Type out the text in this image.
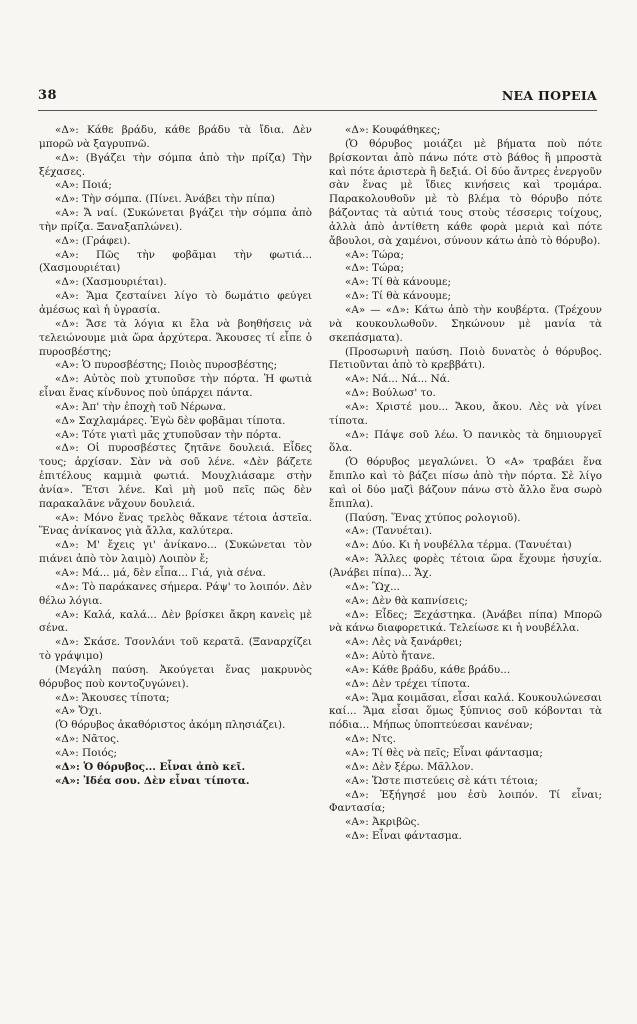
38	ΝΕΑ ΠΟΡΕΙΑ

«Δ»: Κάθε βράδυ, κάθε βράδυ τὰ ἴδια. Δὲν μπορῶ νὰ ξαγρυπνῶ.

«Δ»: (Βγάζει τὴν σόμπα ἀπὸ τὴν πρίζα) Τὴν ξέχασες.

«Α»: Ποιά;

«Δ»: Τὴν σόμπα. (Πίνει. Ἀνάβει τὴν πίπα)

«Α»: Ἄ ναί. (Συκώνεται βγάζει τὴν σόμπα ἀπὸ τὴν πρίζα. Ξαναξαπλώνει).

«Δ»: (Γράφει).

«Α»: Πῶς τὴν φοβᾶμαι τὴν φωτιά... (Χασμουριέται)

«Δ»: (Χασμουριέται).

«Α»: Ἅμα ζεσταίνει λίγο τὸ δωμάτιο φεύγει ἀμέσως καὶ ἡ ὑγρασία.

«Δ»: Ἄσε τὰ λόγια κι ἔλα νὰ βοηθήσεις νὰ τελειώνουμε μιὰ ὥρα ἀρχύτερα. Ἄκουσες τί εἶπε ὁ πυροσβέστης;

«Α»: Ὁ πυροσβέστης; Ποιὸς πυροσβέστης;

«Δ»: Αὐτὸς ποὺ χτυποῦσε τὴν πόρτα. Ἡ φωτιὰ εἶναι ἕνας κίνδυνος ποὺ ὑπάρχει πάντα.

«Α»: Ἀπ' τὴν ἐποχὴ τοῦ Νέρωνα.

«Δ» Σαχλαμάρες. Ἐγὼ δὲν φοβᾶμαι τίποτα.

«Α»: Τότε γιατὶ μᾶς χτυποῦσαν τὴν πόρτα.

«Δ»: Οἱ πυροσβέστες ζητᾶνε δουλειά. Εἶδες τους; ἀρχίσαν. Σὰν νὰ σοῦ λένε. «Δὲν βάζετε ἐπιτέλους καμμιὰ φωτιά. Μουχλιάσαμε στὴν ἀνία». Ἔτσι λένε. Καὶ μὴ μοῦ πεῖς πῶς δὲν παρακαλᾶνε νἄχουν δουλειά.

«Α»: Μόνο ἕνας τρελὸς θἄκανε τέτοια ἀστεῖα. Ἕνας ἀνίκανος γιὰ ἄλλα, καλύτερα.

«Δ»: Μ' ἔχεις γι' ἀνίκανο... (Συκώνεται τὸν πιάνει ἀπὸ τὸν λαιμὸ) Λοιπὸν ἔ;

«Α»: Μά... μά, δὲν εἶπα... Γιά, γιὰ σένα.

«Δ»: Τὸ παράκανες σήμερα. Ράψ' το λοιπόν. Δὲν θέλω λόγια.

«Α»: Καλά, καλά... Δὲν βρίσκει ἄκρη κανεὶς μὲ σένα.

«Δ»: Σκάσε. Τσονλάνι τοῦ κερατᾶ. (Ξαναρχίζει τὸ γράψιμο)

(Μεγάλη παύση. Ἀκούγεται ἕνας μακρυνὸς θόρυβος ποὺ κοντοζυγώνει).

«Δ»: Ἄκουσες τίποτα;

«Α» Ὄχι.

(Ὁ θόρυβος ἀκαθόριστος ἀκόμη πλησιάζει).

«Δ»: Νᾶτος.

«Α»: Ποιός;

«Δ»: Ὁ θόρυβος... Εἶναι ἀπὸ κεῖ.

«Α»: Ἰδέα σου. Δὲν εἶναι τίποτα.

«Δ»: Κουφάθηκες;

(Ὁ θόρυβος μοιάζει μὲ βήματα ποὺ πότε βρίσκονται ἀπὸ πάνω πότε στὸ βάθος ἢ μπροστὰ καὶ πότε ἀριστερὰ ἢ δεξιά. Οἱ δύο ἄντρες ἐνεργοῦν σὰν ἕνας μὲ ἴδιες κινήσεις καὶ τρομάρα. Παρακολουθοῦν μὲ τὸ βλέμα τὸ θόρυβο πότε βάζοντας τὰ αὐτιά τους στοὺς τέσσερις τοίχους, ἀλλὰ ἀπὸ ἀντίθετη κάθε φορὰ μεριὰ καὶ πότε ἄβουλοι, σὰ χαμένοι, σύνουν κάτω ἀπὸ τὸ θόρυβο).

«Α»: Τώρα;

«Δ»: Τώρα;

«Α»: Τί θὰ κάνουμε;

«Δ»: Τί θὰ κάνουμε;

«Α» — «Δ»: Κάτω ἀπὸ τὴν κουβέρτα. (Τρέχουν νὰ κουκουλωθοῦν. Σηκώνουν μὲ μανία τὰ σκεπάσματα).

(Προσωρινὴ παύση. Ποιὸ δυνατὸς ὁ θόρυβος. Πετιοῦνται ἀπὸ τὸ κρεββάτι).

«Α»: Νά... Νά... Νά.

«Δ»: Βούλωσ' το.

«Α»: Χριστέ μου... Ἄκου, ἄκου. Λὲς νὰ γίνει τίποτα.

«Δ»: Πάψε σοῦ λέω. Ὁ πανικὸς τὰ δημιουργεῖ ὅλα.

(Ὁ θόρυβος μεγαλώνει. Ὁ «Α» τραβάει ἕνα ἔπιπλο καὶ τὸ βάζει πίσω ἀπὸ τὴν πόρτα. Σὲ λίγο καὶ οἱ δύο μαζὶ βάζουν πάνω στὸ ἄλλο ἕνα σωρὸ ἔπιπλα).

(Παύση. Ἕνας χτύπος ρολογιοῦ).

«Α»: (Τανυέται).

«Δ»: Δύο. Κι ἡ νουβέλλα τέρμα. (Τανυέται)

«Α»: Ἄλλες φορὲς τέτοια ὥρα ἔχουμε ἡσυχία. (Ἀνάβει πίπα)... Ἄχ.

«Δ»: Ὢχ...

«Α»: Δὲν θὰ καπνίσεις;

«Δ»: Εἶδες; Ξεχάστηκα. (Ἀνάβει πίπα) Μπορῶ νὰ κάνω διαφορετικά. Τελείωσε κι ἡ νουβέλλα.

«Α»: Λὲς νὰ ξανάρθει;

«Δ»: Αὐτὸ ἤτανε.

«Α»: Κάθε βράδυ, κάθε βράδυ...

«Δ»: Δὲν τρέχει τίποτα.

«Α»: Ἅμα κοιμᾶσαι, εἶσαι καλά. Κουκουλώνεσαι καί... Ἅμα εἶσαι ὅμως ξύπνιος σοῦ κόβονται τὰ πόδια... Μήπως ὑποπτεύεσαι κανέναν;

«Δ»: Ντς.

«Α»: Τί θὲς νὰ πεῖς; Εἶναι φάντασμα;

«Δ»: Δὲν ξέρω. Μᾶλλον.

«Α»: Ὥστε πιστεύεις σὲ κάτι τέτοια;

«Δ»: Ἐξήγησέ μου ἐσὺ λοιπόν. Τί εἶναι; Φαντασία;

«Α»: Ἀκριβῶς.

«Δ»: Εἶναι φάντασμα.
